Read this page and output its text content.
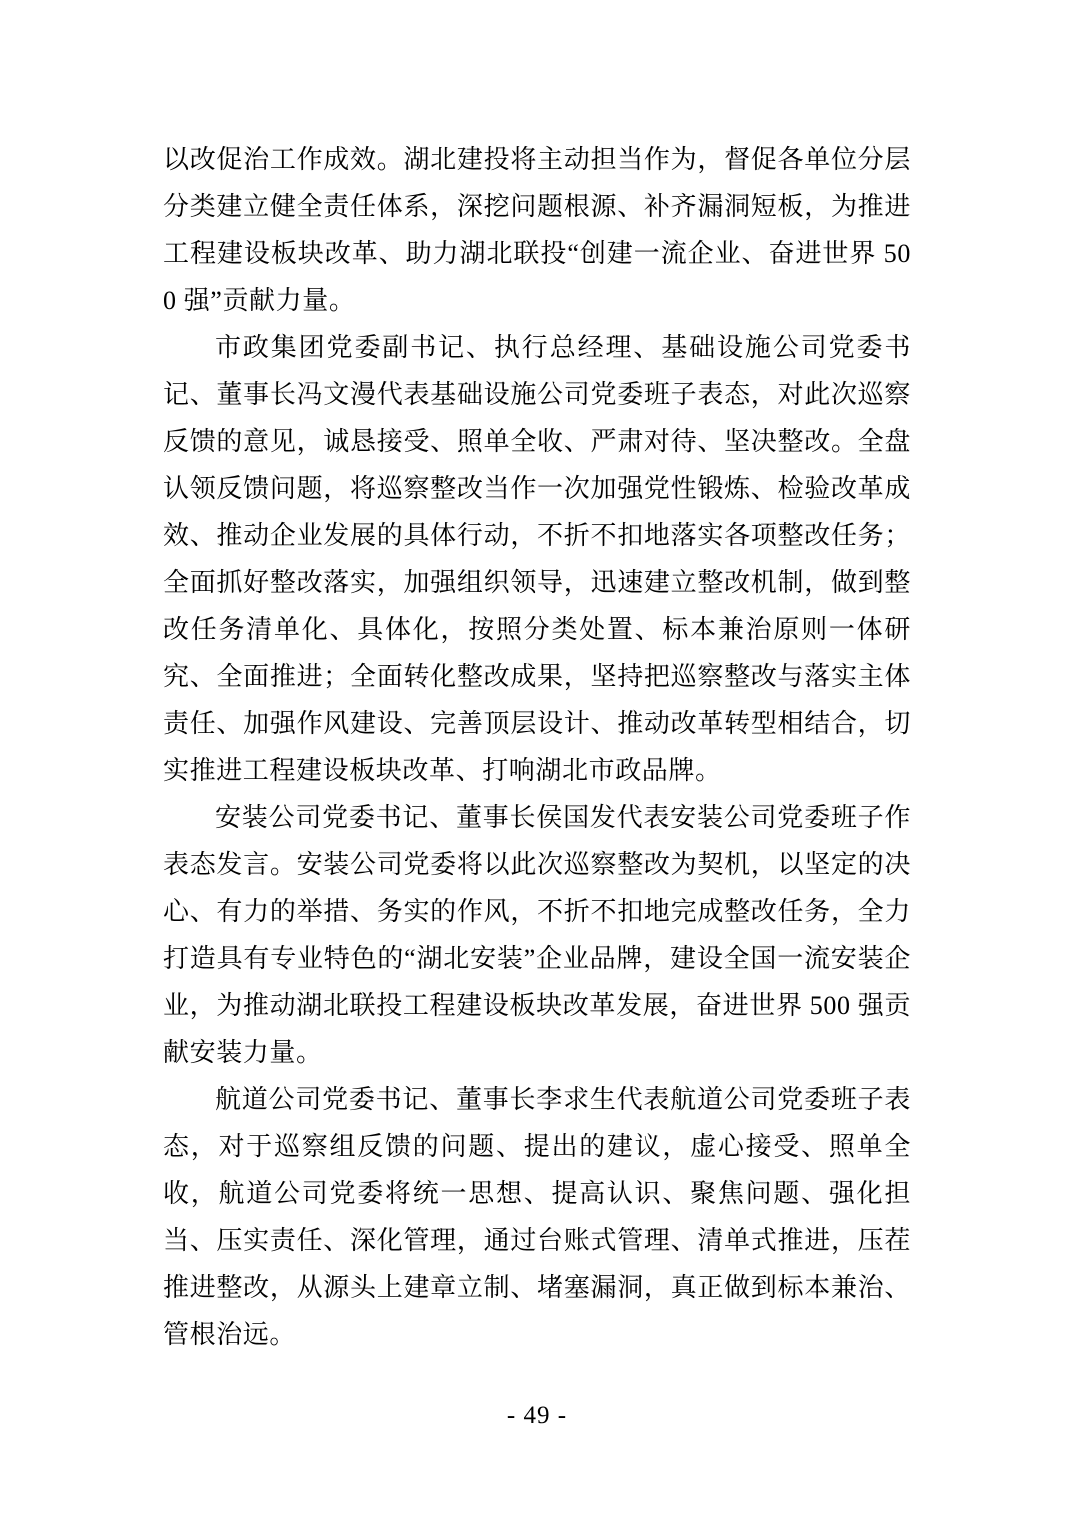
以改促治工作成效。湖北建投将主动担当作为，督促各单位分层分类建立健全责任体系，深挖问题根源、补齐漏洞短板，为推进工程建设板块改革、助力湖北联投“创建一流企业、奋进世界 500 强”贡献力量。

市政集团党委副书记、执行总经理、基础设施公司党委书记、董事长冯文漫代表基础设施公司党委班子表态，对此次巡察反馈的意见，诚恳接受、照单全收、严肃对待、坚决整改。全盘认领反馈问题，将巡察整改当作一次加强党性锻炼、检验改革成效、推动企业发展的具体行动，不折不扣地落实各项整改任务；全面抓好整改落实，加强组织领导，迅速建立整改机制，做到整改任务清单化、具体化，按照分类处置、标本兼治原则一体研究、全面推进；全面转化整改成果，坚持把巡察整改与落实主体责任、加强作风建设、完善顶层设计、推动改革转型相结合，切实推进工程建设板块改革、打响湖北市政品牌。

安装公司党委书记、董事长侯国发代表安装公司党委班子作表态发言。安装公司党委将以此次巡察整改为契机，以坚定的决心、有力的举措、务实的作风，不折不扣地完成整改任务，全力打造具有专业特色的“湖北安装”企业品牌，建设全国一流安装企业，为推动湖北联投工程建设板块改革发展，奋进世界 500 强贡献安装力量。

航道公司党委书记、董事长李求生代表航道公司党委班子表态，对于巡察组反馈的问题、提出的建议，虚心接受、照单全收，航道公司党委将统一思想、提高认识、聚焦问题、强化担当、压实责任、深化管理，通过台账式管理、清单式推进，压茬推进整改，从源头上建章立制、堵塞漏洞，真正做到标本兼治、管根治远。

- 49 -
